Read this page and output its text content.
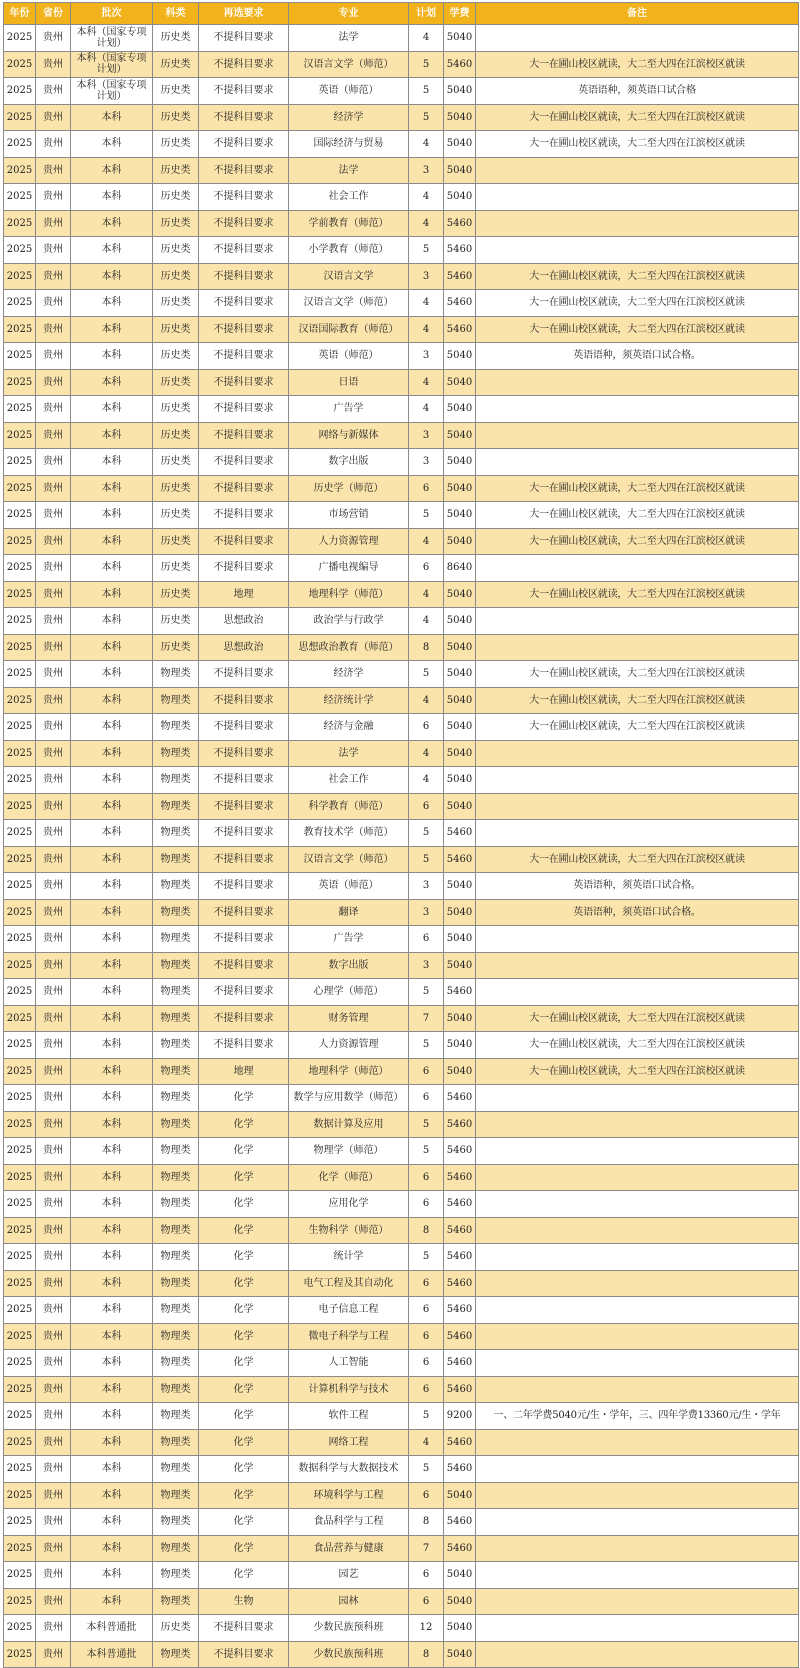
年份	省份	批次	科类	再选要求	专业	计划	学费	备注
2025	贵州	本科（国家专项计划）	历史类	不提科目要求	法学	4	5040	
2025	贵州	本科（国家专项计划）	历史类	不提科目要求	汉语言文学（师范）	5	5460	大一在圃山校区就读，大二至大四在江滨校区就读
2025	贵州	本科（国家专项计划）	历史类	不提科目要求	英语（师范）	5	5040	英语语种，须英语口试合格
2025	贵州	本科	历史类	不提科目要求	经济学	5	5040	大一在圃山校区就读，大二至大四在江滨校区就读
2025	贵州	本科	历史类	不提科目要求	国际经济与贸易	4	5040	大一在圃山校区就读，大二至大四在江滨校区就读
2025	贵州	本科	历史类	不提科目要求	法学	3	5040	
2025	贵州	本科	历史类	不提科目要求	社会工作	4	5040	
2025	贵州	本科	历史类	不提科目要求	学前教育（师范）	4	5460	
2025	贵州	本科	历史类	不提科目要求	小学教育（师范）	5	5460	
2025	贵州	本科	历史类	不提科目要求	汉语言文学	3	5460	大一在圃山校区就读，大二至大四在江滨校区就读
2025	贵州	本科	历史类	不提科目要求	汉语言文学（师范）	4	5460	大一在圃山校区就读，大二至大四在江滨校区就读
2025	贵州	本科	历史类	不提科目要求	汉语国际教育（师范）	4	5460	大一在圃山校区就读，大二至大四在江滨校区就读
2025	贵州	本科	历史类	不提科目要求	英语（师范）	3	5040	英语语种，须英语口试合格。
2025	贵州	本科	历史类	不提科目要求	日语	4	5040	
2025	贵州	本科	历史类	不提科目要求	广告学	4	5040	
2025	贵州	本科	历史类	不提科目要求	网络与新媒体	3	5040	
2025	贵州	本科	历史类	不提科目要求	数字出版	3	5040	
2025	贵州	本科	历史类	不提科目要求	历史学（师范）	6	5040	大一在圃山校区就读，大二至大四在江滨校区就读
2025	贵州	本科	历史类	不提科目要求	市场营销	5	5040	大一在圃山校区就读，大二至大四在江滨校区就读
2025	贵州	本科	历史类	不提科目要求	人力资源管理	4	5040	大一在圃山校区就读，大二至大四在江滨校区就读
2025	贵州	本科	历史类	不提科目要求	广播电视编导	6	8640	
2025	贵州	本科	历史类	地理	地理科学（师范）	4	5040	大一在圃山校区就读，大二至大四在江滨校区就读
2025	贵州	本科	历史类	思想政治	政治学与行政学	4	5040	
2025	贵州	本科	历史类	思想政治	思想政治教育（师范）	8	5040	
2025	贵州	本科	物理类	不提科目要求	经济学	5	5040	大一在圃山校区就读，大二至大四在江滨校区就读
2025	贵州	本科	物理类	不提科目要求	经济统计学	4	5040	大一在圃山校区就读，大二至大四在江滨校区就读
2025	贵州	本科	物理类	不提科目要求	经济与金融	6	5040	大一在圃山校区就读，大二至大四在江滨校区就读
2025	贵州	本科	物理类	不提科目要求	法学	4	5040	
2025	贵州	本科	物理类	不提科目要求	社会工作	4	5040	
2025	贵州	本科	物理类	不提科目要求	科学教育（师范）	6	5040	
2025	贵州	本科	物理类	不提科目要求	教育技术学（师范）	5	5460	
2025	贵州	本科	物理类	不提科目要求	汉语言文学（师范）	5	5460	大一在圃山校区就读，大二至大四在江滨校区就读
2025	贵州	本科	物理类	不提科目要求	英语（师范）	3	5040	英语语种，须英语口试合格。
2025	贵州	本科	物理类	不提科目要求	翻译	3	5040	英语语种，须英语口试合格。
2025	贵州	本科	物理类	不提科目要求	广告学	6	5040	
2025	贵州	本科	物理类	不提科目要求	数字出版	3	5040	
2025	贵州	本科	物理类	不提科目要求	心理学（师范）	5	5460	
2025	贵州	本科	物理类	不提科目要求	财务管理	7	5040	大一在圃山校区就读，大二至大四在江滨校区就读
2025	贵州	本科	物理类	不提科目要求	人力资源管理	5	5040	大一在圃山校区就读，大二至大四在江滨校区就读
2025	贵州	本科	物理类	地理	地理科学（师范）	6	5040	大一在圃山校区就读，大二至大四在江滨校区就读
2025	贵州	本科	物理类	化学	数学与应用数学（师范）	6	5460	
2025	贵州	本科	物理类	化学	数据计算及应用	5	5460	
2025	贵州	本科	物理类	化学	物理学（师范）	5	5460	
2025	贵州	本科	物理类	化学	化学（师范）	6	5460	
2025	贵州	本科	物理类	化学	应用化学	6	5460	
2025	贵州	本科	物理类	化学	生物科学（师范）	8	5460	
2025	贵州	本科	物理类	化学	统计学	5	5460	
2025	贵州	本科	物理类	化学	电气工程及其自动化	6	5460	
2025	贵州	本科	物理类	化学	电子信息工程	6	5460	
2025	贵州	本科	物理类	化学	微电子科学与工程	6	5460	
2025	贵州	本科	物理类	化学	人工智能	6	5460	
2025	贵州	本科	物理类	化学	计算机科学与技术	6	5460	
2025	贵州	本科	物理类	化学	软件工程	5	9200	一、二年学费5040元/生・学年，三、四年学费13360元/生・学年
2025	贵州	本科	物理类	化学	网络工程	4	5460	
2025	贵州	本科	物理类	化学	数据科学与大数据技术	5	5460	
2025	贵州	本科	物理类	化学	环境科学与工程	6	5040	
2025	贵州	本科	物理类	化学	食品科学与工程	8	5460	
2025	贵州	本科	物理类	化学	食品营养与健康	7	5460	
2025	贵州	本科	物理类	化学	园艺	6	5040	
2025	贵州	本科	物理类	生物	园林	6	5040	
2025	贵州	本科普通批	历史类	不提科目要求	少数民族预科班	12	5040	
2025	贵州	本科普通批	物理类	不提科目要求	少数民族预科班	8	5040	
